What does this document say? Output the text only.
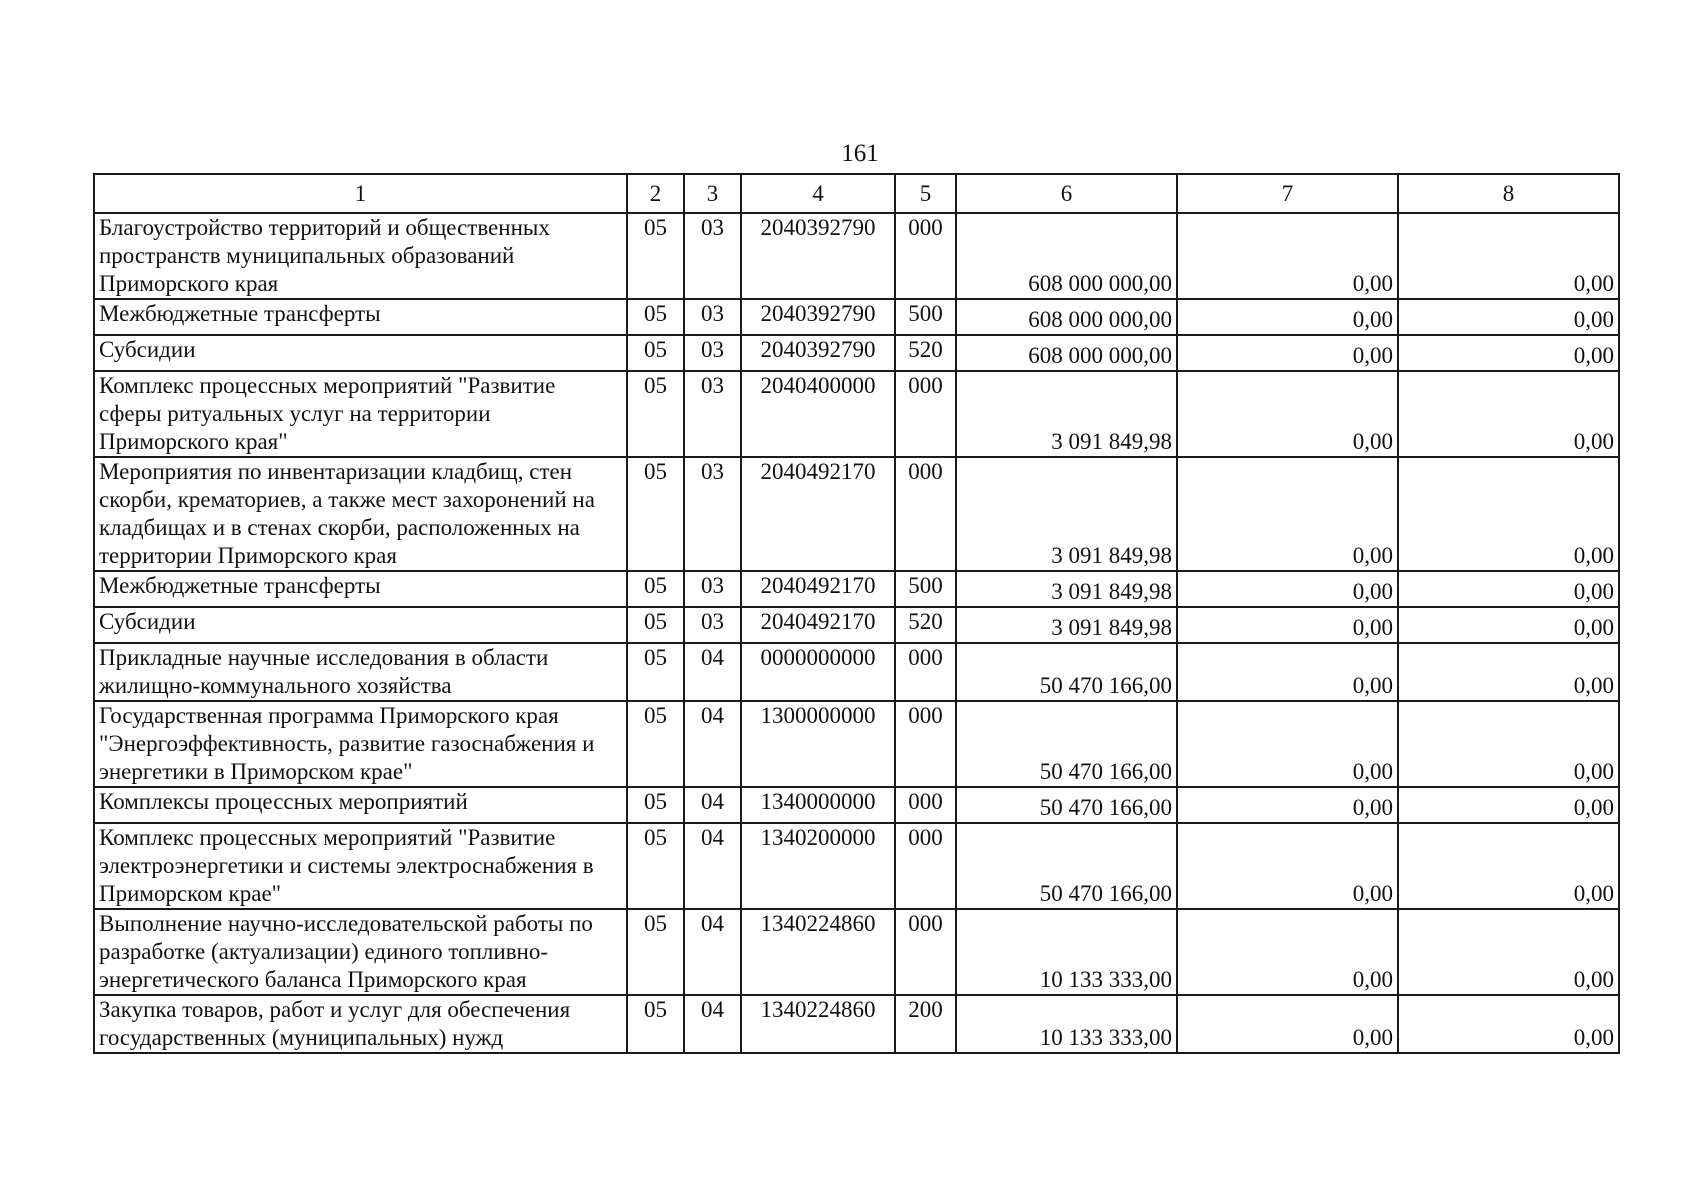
161
1	2	3	4	5	6	7	8
Благоустройство территорий и общественных пространств муниципальных образований Приморского края	05	03	2040392790	000	608 000 000,00	0,00	0,00
Межбюджетные трансферты	05	03	2040392790	500	608 000 000,00	0,00	0,00
Субсидии	05	03	2040392790	520	608 000 000,00	0,00	0,00
Комплекс процессных мероприятий "Развитие сферы ритуальных услуг на территории Приморского края"	05	03	2040400000	000	3 091 849,98	0,00	0,00
Мероприятия по инвентаризации кладбищ, стен скорби, крематориев, а также мест захоронений на кладбищах и в стенах скорби, расположенных на территории Приморского края	05	03	2040492170	000	3 091 849,98	0,00	0,00
Межбюджетные трансферты	05	03	2040492170	500	3 091 849,98	0,00	0,00
Субсидии	05	03	2040492170	520	3 091 849,98	0,00	0,00
Прикладные научные исследования в области жилищно-коммунального хозяйства	05	04	0000000000	000	50 470 166,00	0,00	0,00
Государственная программа Приморского края "Энергоэффективность, развитие газоснабжения и энергетики в Приморском крае"	05	04	1300000000	000	50 470 166,00	0,00	0,00
Комплексы процессных мероприятий	05	04	1340000000	000	50 470 166,00	0,00	0,00
Комплекс процессных мероприятий "Развитие электроэнергетики и системы электроснабжения в Приморском крае"	05	04	1340200000	000	50 470 166,00	0,00	0,00
Выполнение научно-исследовательской работы по разработке (актуализации) единого топливно-энергетического баланса Приморского края	05	04	1340224860	000	10 133 333,00	0,00	0,00
Закупка товаров, работ и услуг для обеспечения государственных (муниципальных) нужд	05	04	1340224860	200	10 133 333,00	0,00	0,00
